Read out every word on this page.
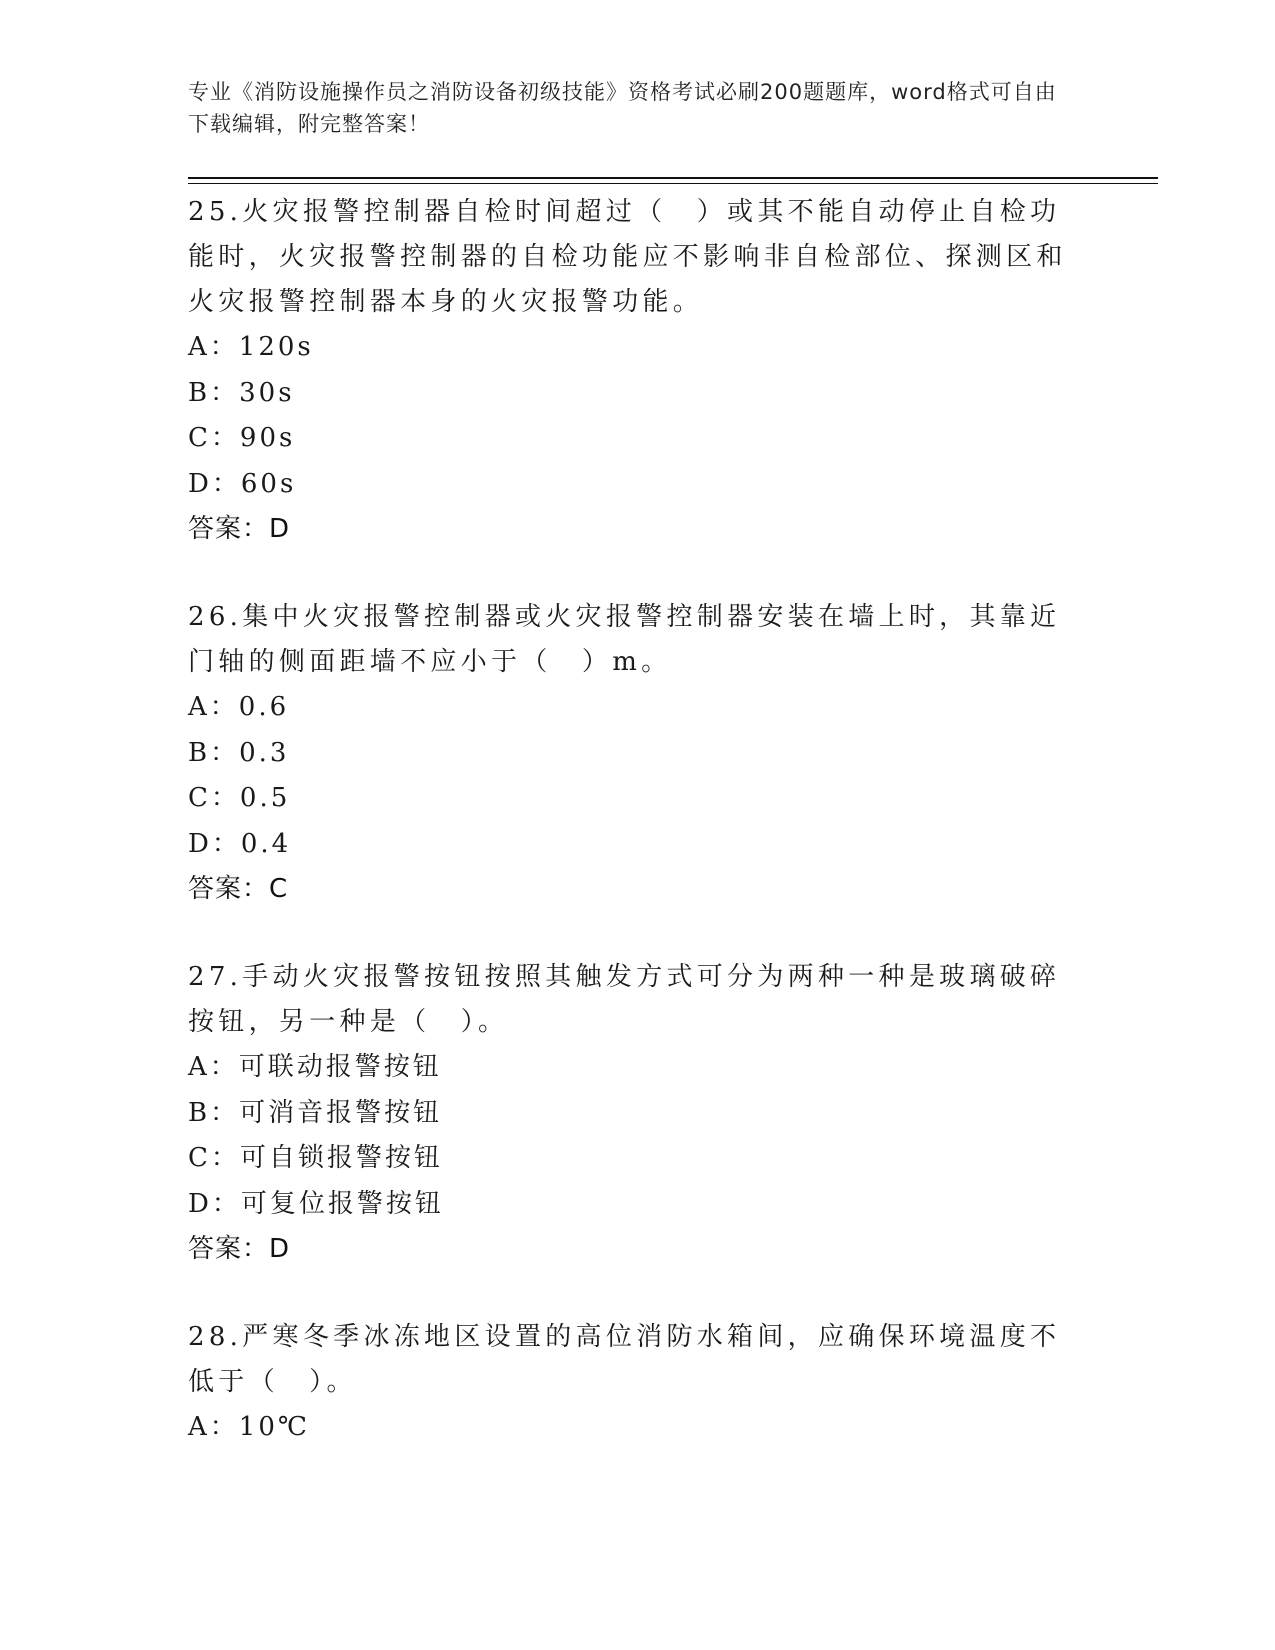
专业《消防设施操作员之消防设备初级技能》资格考试必刷200题题库，word格式可自由下载编辑，附完整答案！

25.火灾报警控制器自检时间超过（　）或其不能自动停止自检功能时，火灾报警控制器的自检功能应不影响非自检部位、探测区和火灾报警控制器本身的火灾报警功能。

A：120s
B：30s
C：90s
D：60s
答案：D

26.集中火灾报警控制器或火灾报警控制器安装在墙上时，其靠近门轴的侧面距墙不应小于（　）m。

A：0.6
B：0.3
C：0.5
D：0.4
答案：C

27.手动火灾报警按钮按照其触发方式可分为两种一种是玻璃破碎按钮，另一种是（　）。

A：可联动报警按钮
B：可消音报警按钮
C：可自锁报警按钮
D：可复位报警按钮
答案：D

28.严寒冬季冰冻地区设置的高位消防水箱间，应确保环境温度不低于（　）。

A：10℃
